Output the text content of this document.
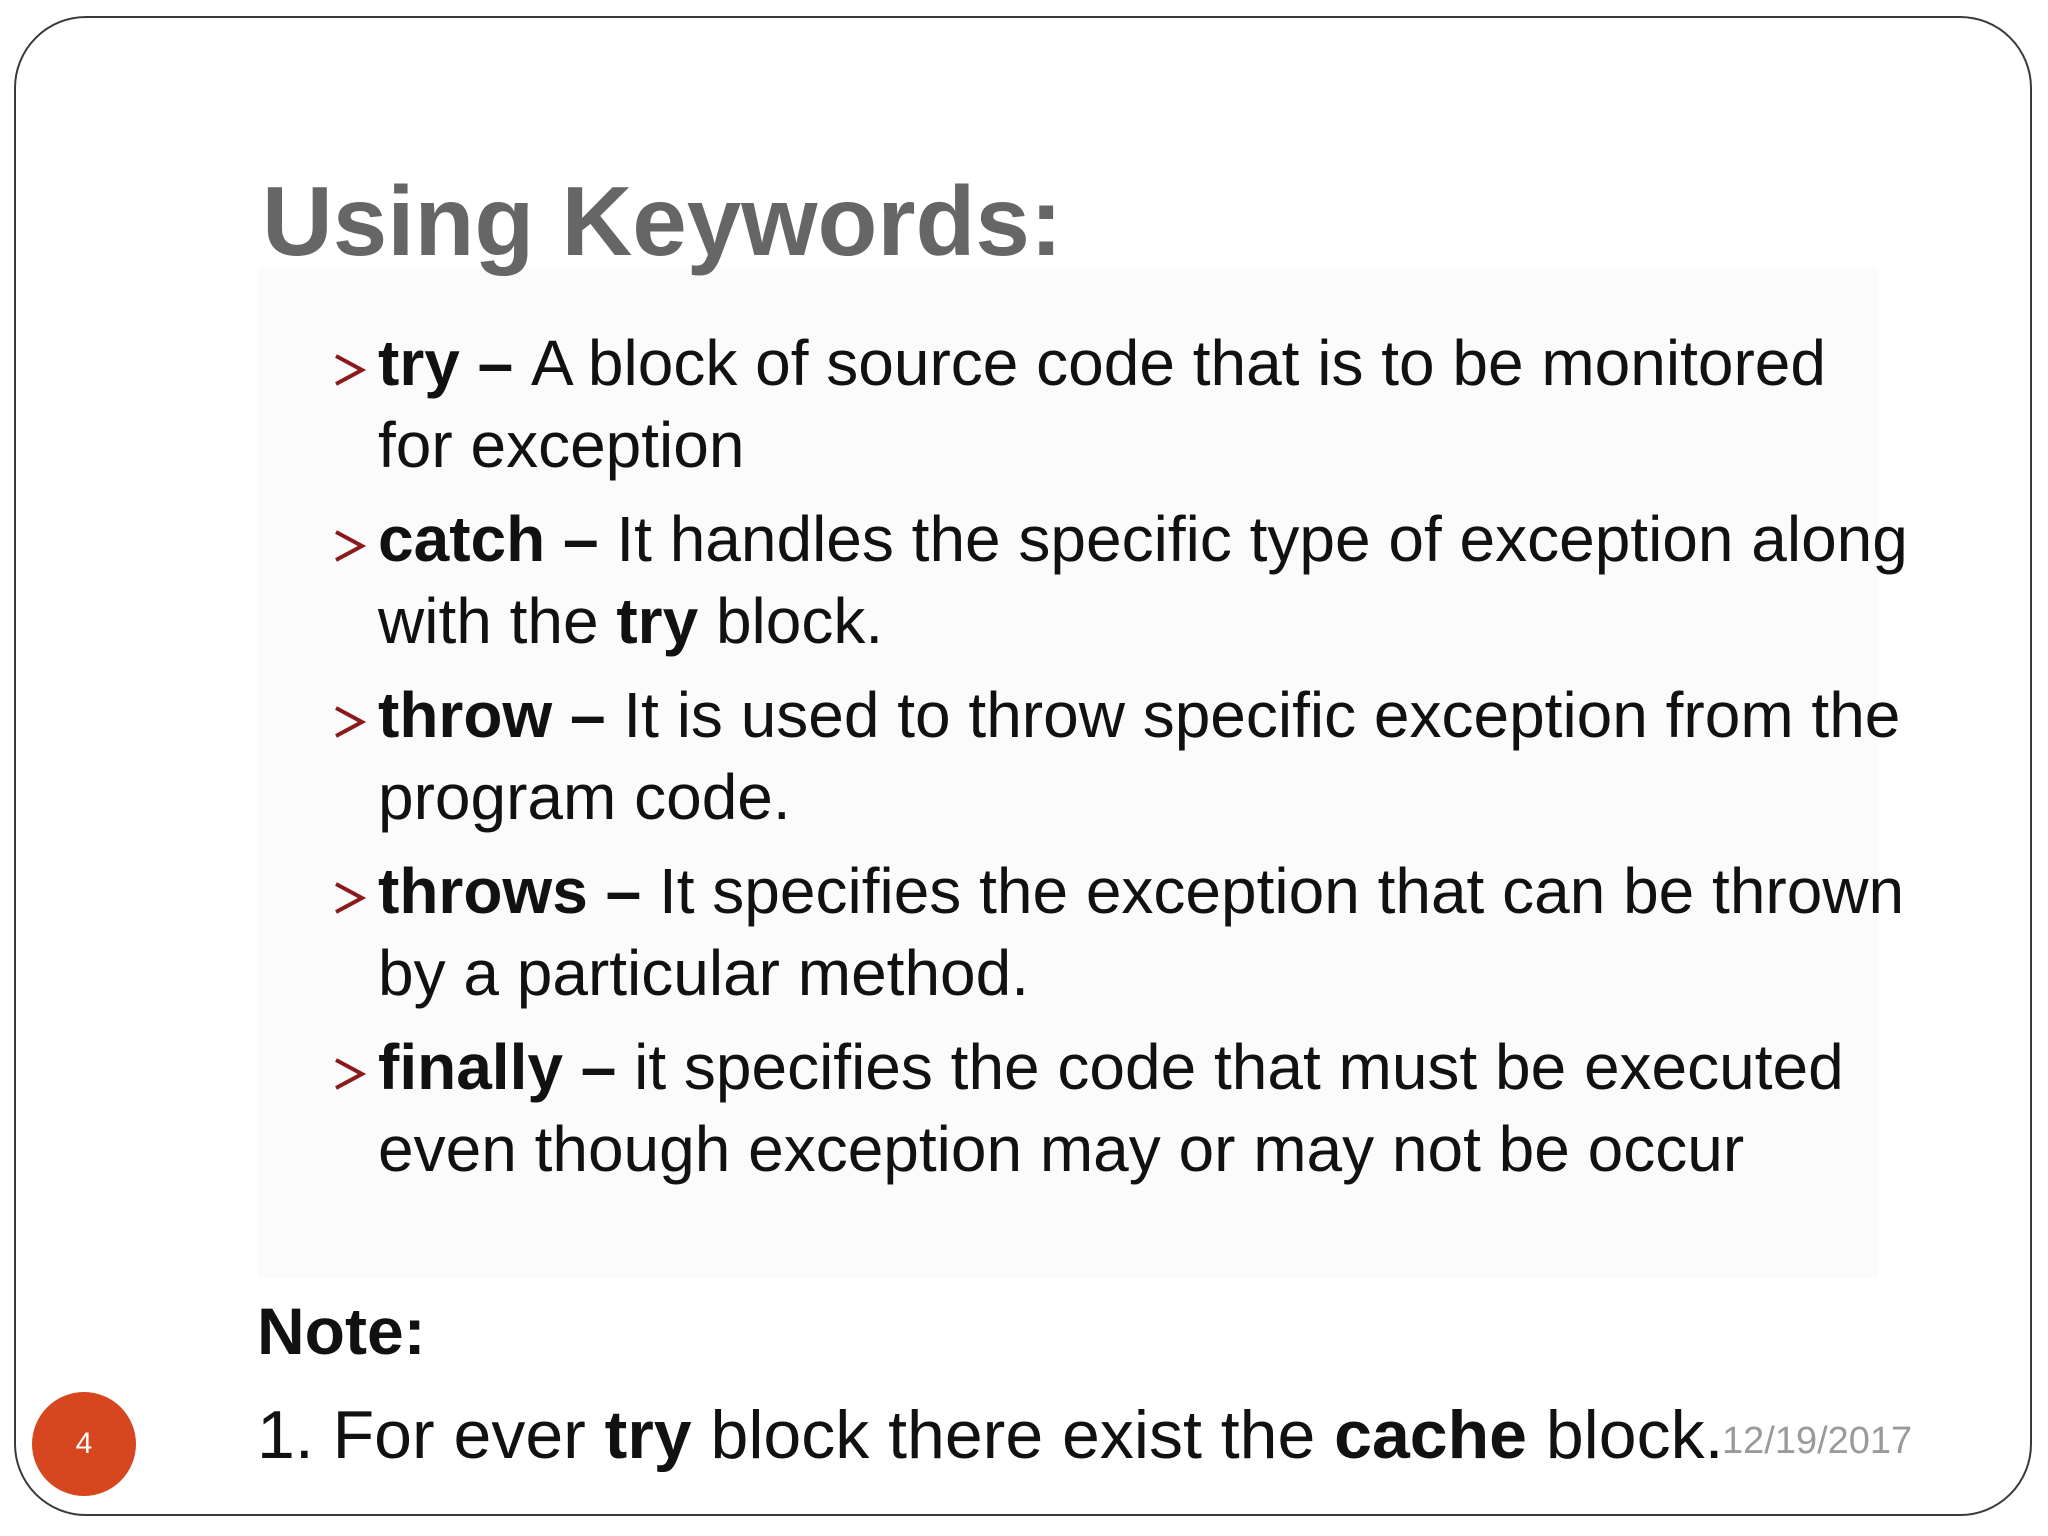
Using Keywords:
try – A block of source code that is to be monitored for exception
catch – It handles the specific type of exception along with the try block.
throw – It is used to throw specific exception from the program code.
throws – It specifies the exception that can be thrown by a particular method.
finally – it specifies the code that must be executed even though exception may or may not be occur
Note:
1. For ever try block there exist the cache block.
12/19/2017
4
